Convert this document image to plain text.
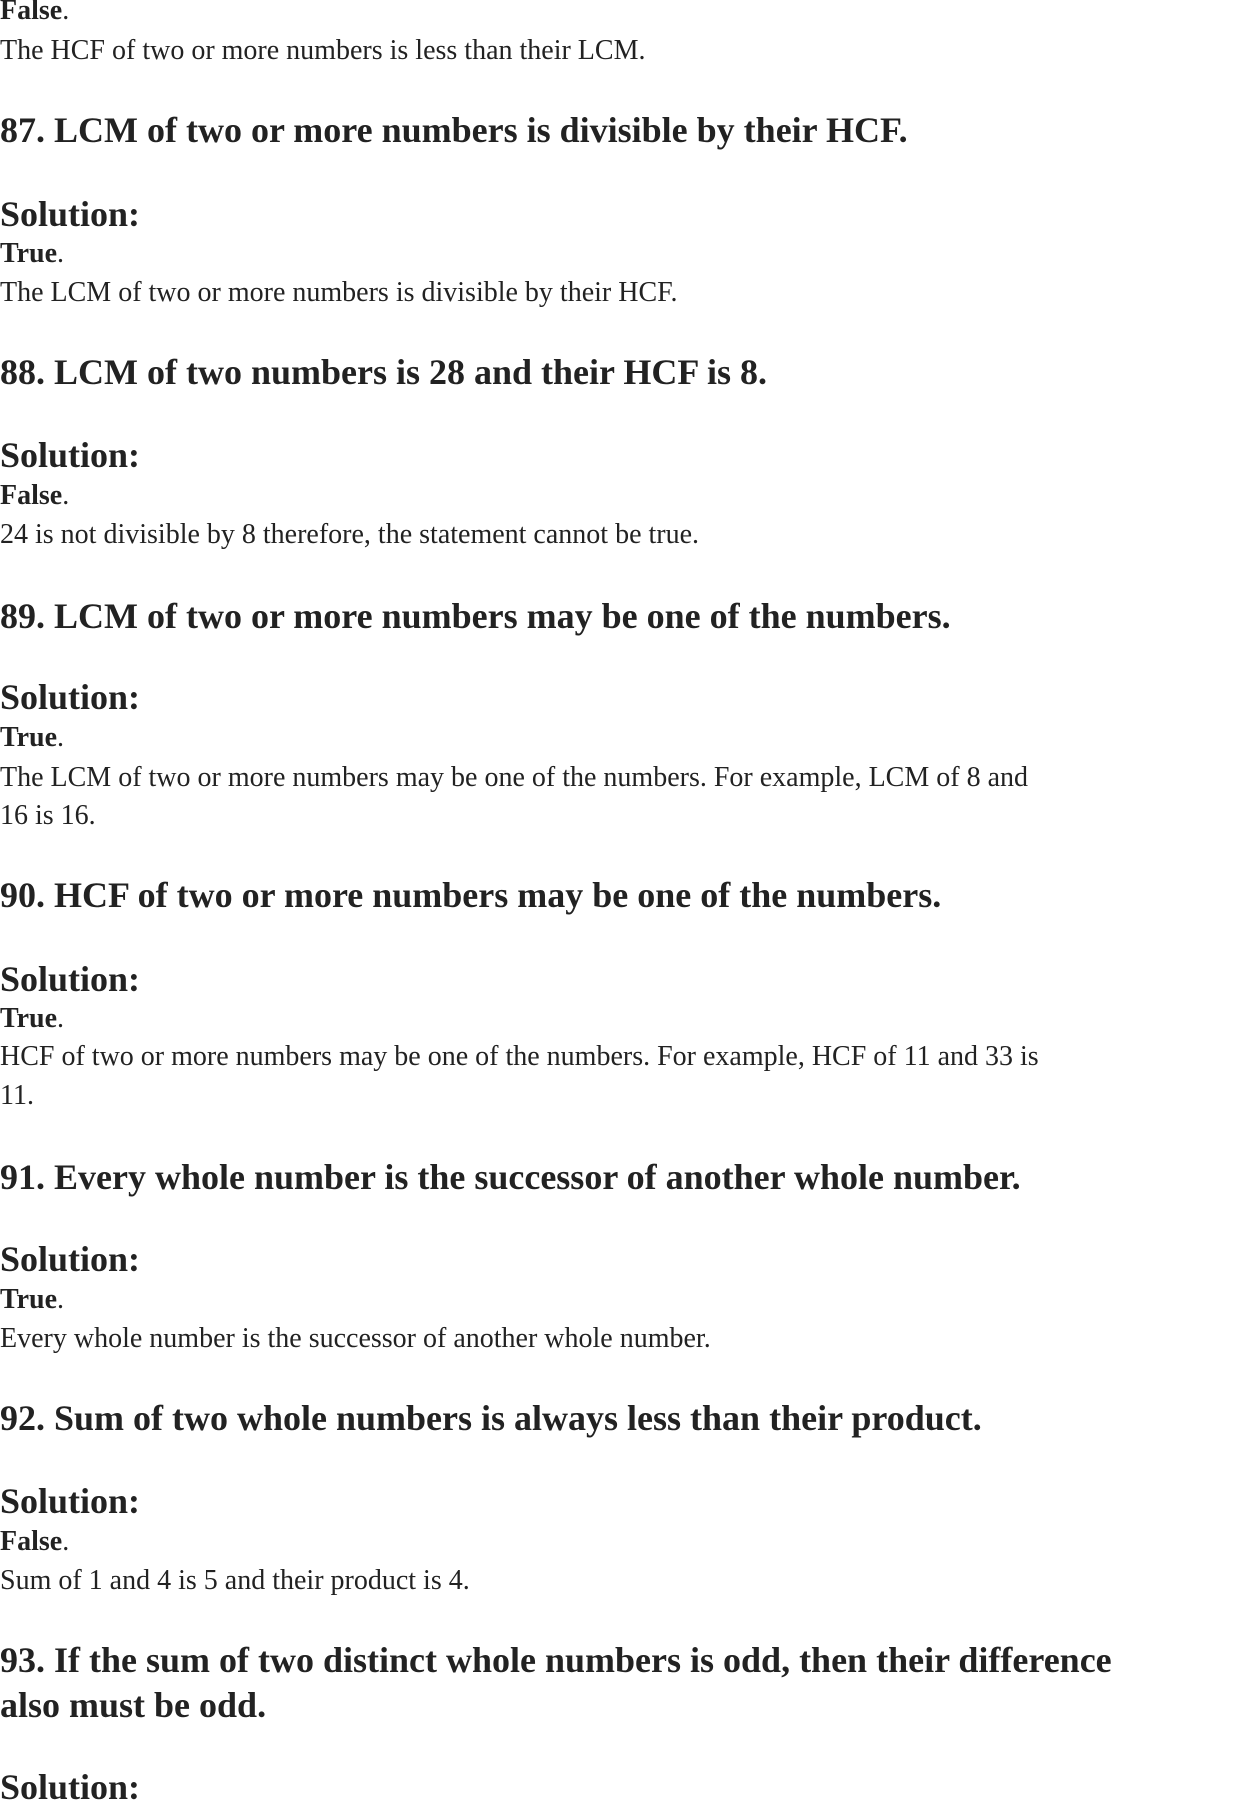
False.
The HCF of two or more numbers is less than their LCM.
87. LCM of two or more numbers is divisible by their HCF.
Solution:
True.
The LCM of two or more numbers is divisible by their HCF.
88. LCM of two numbers is 28 and their HCF is 8.
Solution:
False.
24 is not divisible by 8 therefore, the statement cannot be true.
89. LCM of two or more numbers may be one of the numbers.
Solution:
True.
The LCM of two or more numbers may be one of the numbers. For example, LCM of 8 and
16 is 16.
90. HCF of two or more numbers may be one of the numbers.
Solution:
True.
HCF of two or more numbers may be one of the numbers. For example, HCF of 11 and 33 is
11.
91. Every whole number is the successor of another whole number.
Solution:
True.
Every whole number is the successor of another whole number.
92. Sum of two whole numbers is always less than their product.
Solution:
False.
Sum of 1 and 4 is 5 and their product is 4.
93. If the sum of two distinct whole numbers is odd, then their difference
also must be odd.
Solution:
